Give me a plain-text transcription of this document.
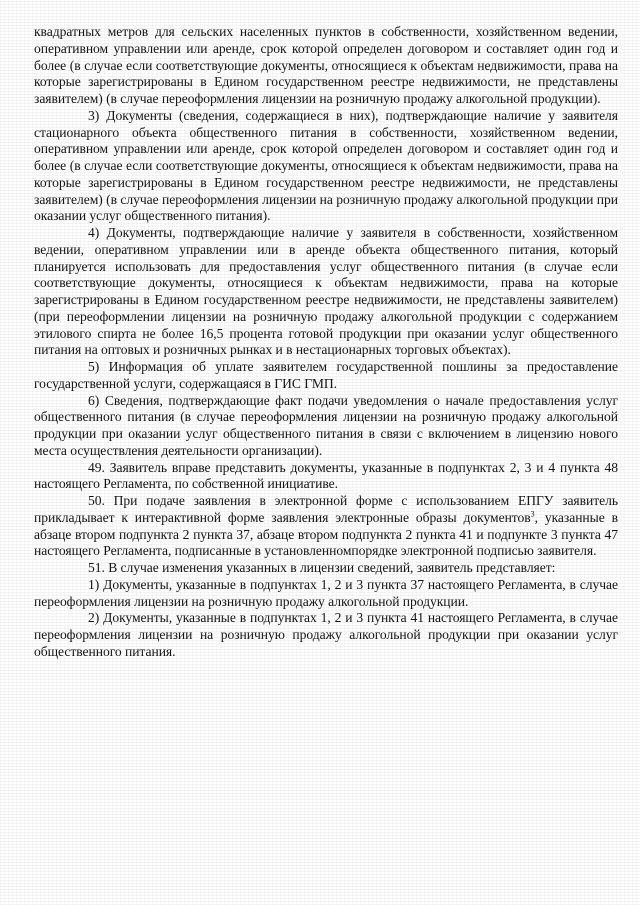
квадратных метров для сельских населенных пунктов в собственности, хозяйственном ведении, оперативном управлении или аренде, срок которой определен договором и составляет один год и более (в случае если соответствующие документы, относящиеся к объектам недвижимости, права на которые зарегистрированы в Едином государственном реестре недвижимости, не представлены заявителем) (в случае переоформления лицензии на розничную продажу алкогольной продукции).

3) Документы (сведения, содержащиеся в них), подтверждающие наличие у заявителя стационарного объекта общественного питания в собственности, хозяйственном ведении, оперативном управлении или аренде, срок которой определен договором и составляет один год и более (в случае если соответствующие документы, относящиеся к объектам недвижимости, права на которые зарегистрированы в Едином государственном реестре недвижимости, не представлены заявителем) (в случае переоформления лицензии на розничную продажу алкогольной продукции при оказании услуг общественного питания).

4) Документы, подтверждающие наличие у заявителя в собственности, хозяйственном ведении, оперативном управлении или в аренде объекта общественного питания, который планируется использовать для предоставления услуг общественного питания (в случае если соответствующие документы, относящиеся к объектам недвижимости, права на которые зарегистрированы в Едином государственном реестре недвижимости, не представлены заявителем) (при переоформлении лицензии на розничную продажу алкогольной продукции с содержанием этилового спирта не более 16,5 процента готовой продукции при оказании услуг общественного питания на оптовых и розничных рынках и в нестационарных торговых объектах).

5) Информация об уплате заявителем государственной пошлины за предоставление государственной услуги, содержащаяся в ГИС ГМП.

6) Сведения, подтверждающие факт подачи уведомления о начале предоставления услуг общественного питания (в случае переоформления лицензии на розничную продажу алкогольной продукции при оказании услуг общественного питания в связи с включением в лицензию нового места осуществления деятельности организации).

49. Заявитель вправе представить документы, указанные в подпунктах 2, 3 и 4 пункта 48 настоящего Регламента, по собственной инициативе.

50. При подаче заявления в электронной форме с использованием ЕПГУ заявитель прикладывает к интерактивной форме заявления электронные образы документов$^3$, указанные в абзаце втором подпункта 2 пункта 37, абзаце втором подпункта 2 пункта 41 и подпункте 3 пункта 47 настоящего Регламента, подписанные в установленномпорядке электронной подписью заявителя.

51. В случае изменения указанных в лицензии сведений, заявитель представляет:

1) Документы, указанные в подпунктах 1, 2 и 3 пункта 37 настоящего Регламента, в случае переоформления лицензии на розничную продажу алкогольной продукции.

2) Документы, указанные в подпунктах 1, 2 и 3 пункта 41 настоящего Регламента, в случае переоформления лицензии на розничную продажу алкогольной продукции при оказании услуг общественного питания.
